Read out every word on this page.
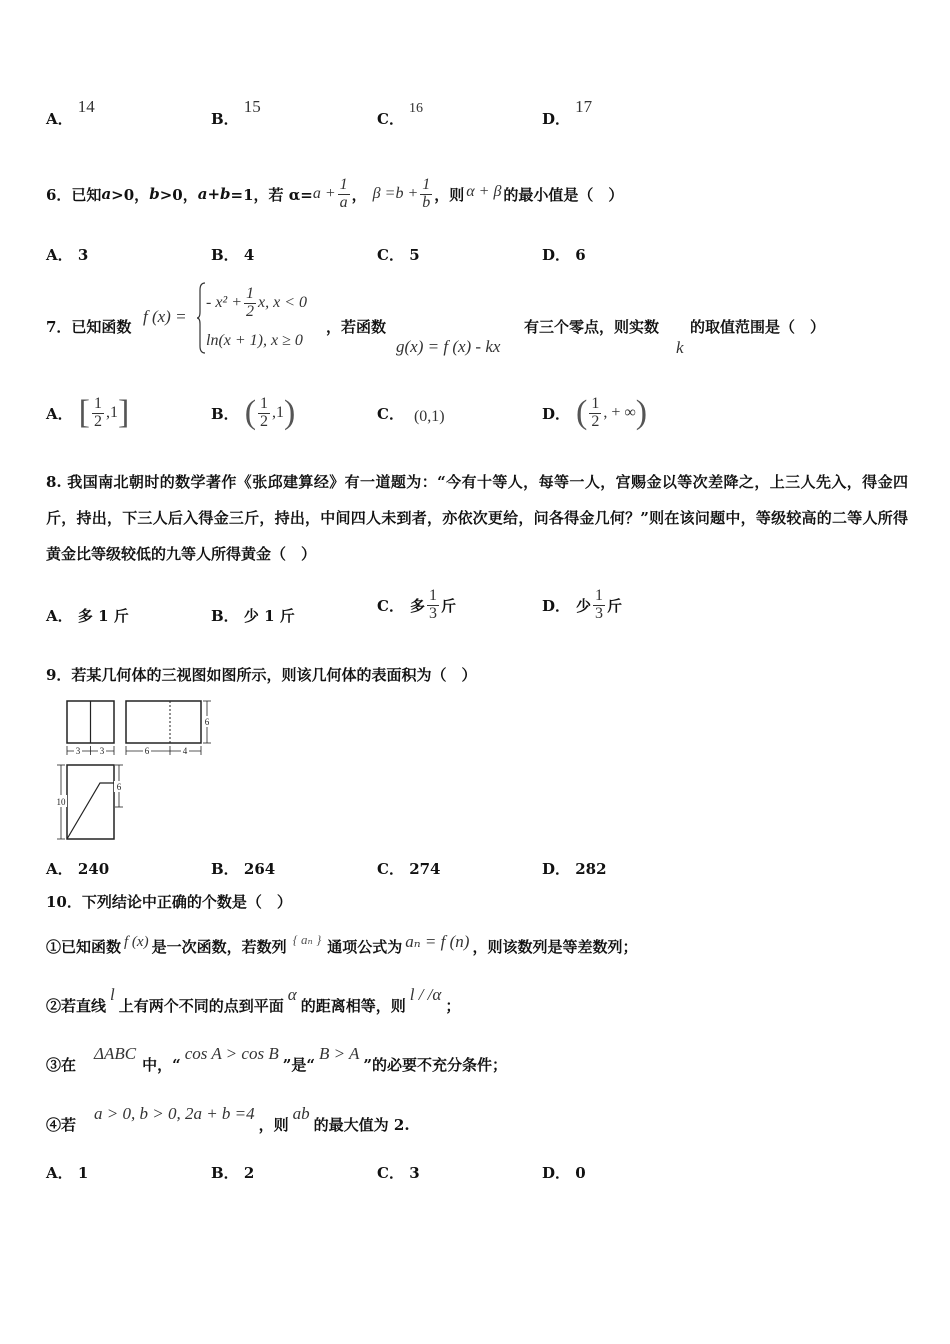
A． 14
B． 15
C． 16
D． 17
6．已知 a >0， b >0， a + b =1，若 $\alpha= a + \frac{1}{a}$ ， $\beta =b + \frac{1}{b}$ ，则 α + β 的最小值是（　）
A． 3	B． 4	C． 5	D． 6
7．已知函数
f (x) =
- $x^2 + \frac{1}{2} x$, x < 0
ln(x + 1), x ≥ 0
，若函数
g(x) = f (x) - kx
有三个零点，则实数
k
的取值范围是（　）
A． [ $\frac{1}{2} ,1$ ]	B． ( $\frac{1}{2} ,1$ )	C． (0,1)	D． ( $\frac{1}{2}$ , + ∞ )
8. 我国南北朝时的数学著作《张邱建算经》有一道题为：“今有十等人，每等一人，宫赐金以等次差降之，上三人先入，得金四斤，持出，下三人后入得金三斤，持出，中间四人未到者，亦依次更给，问各得金几何？”则在该问题中，等级较高的二等人所得黄金比等级较低的九等人所得黄金（　）
A． 多 1 斤	B． 少 1 斤
C． 多 $\frac{1}{3}$ 斤	D． 少 $\frac{1}{3}$ 斤
9．若某几何体的三视图如图所示，则该几何体的表面积为（　）
3 3	6	4
6
10
6
A． 240	B． 264	C． 274	D． 282
10．下列结论中正确的个数是（　）
①已知函数 f (x) 是一次函数，若数列 { aₙ } 通项公式为 aₙ = f (n) ，则该数列是等差数列；
②若直线
l
上有两个不同的点到平面
α
的距离相等，则
l / /α
；
③在
ΔABC
中，“
cos A > cos B
”是“
B > A
”的必要不充分条件；
④若
a > 0, b > 0, 2a + b =4
，则
ab
的最大值为 2.
A． 1	B． 2	C． 3	D． 0
